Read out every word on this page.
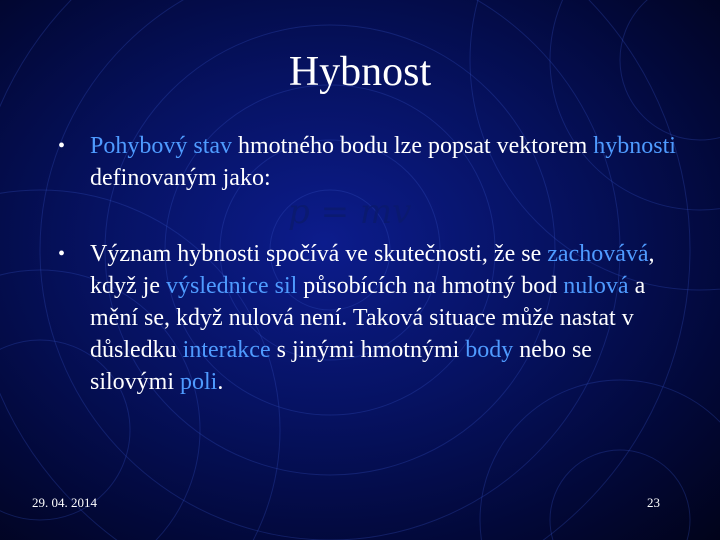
Hybnost
• Pohybový stav hmotného bodu lze popsat vektorem hybnosti definovaným jako:
• Význam hybnosti spočívá ve skutečnosti, že se zachovává, když je výslednice sil působících na hmotný bod nulová a mění se, když nulová není. Taková situace může nastat v důsledku interakce s jinými hmotnými body nebo se silovými poli.
p = mv
29. 04. 2014	23
